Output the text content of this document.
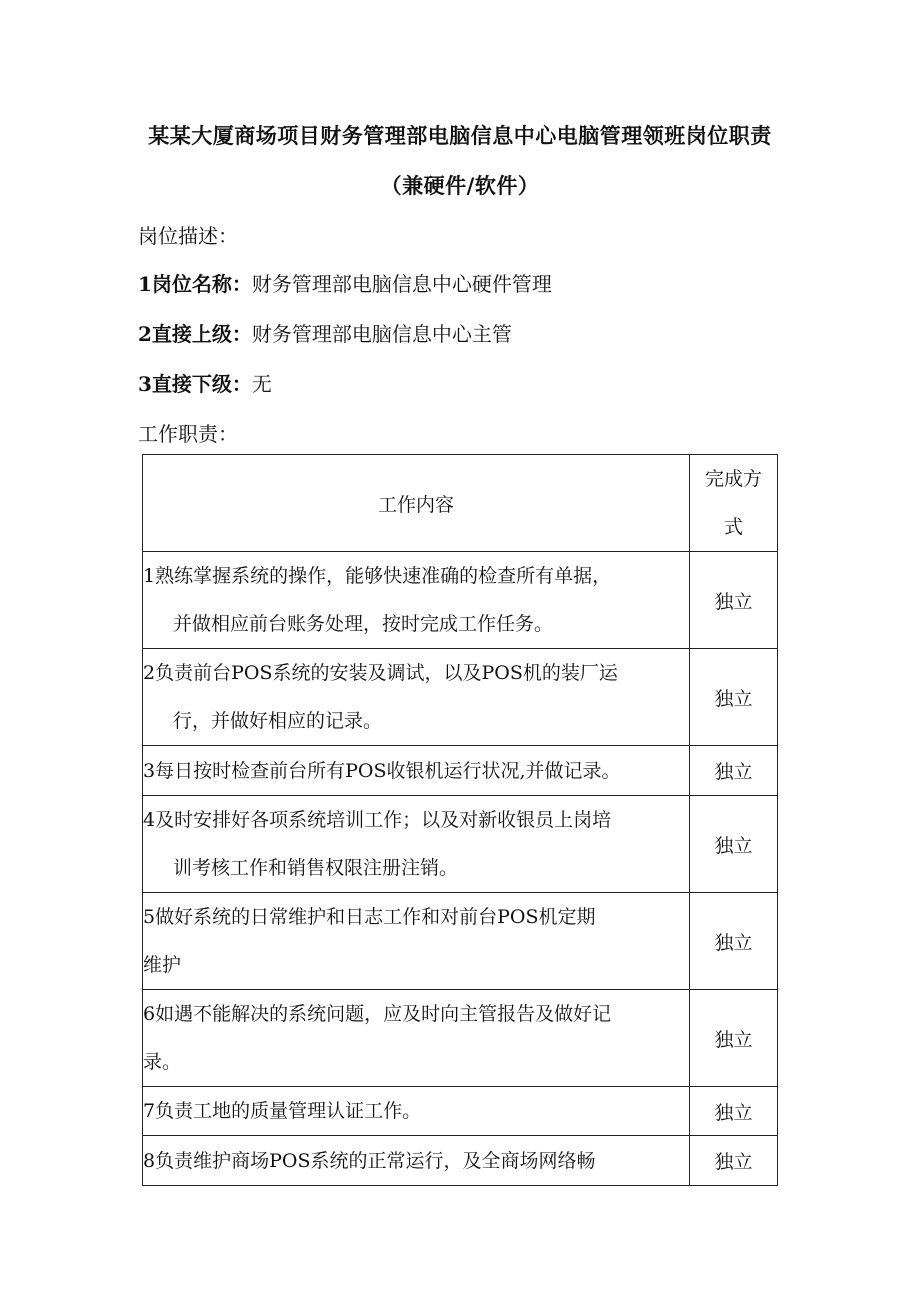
某某大厦商场项目财务管理部电脑信息中心电脑管理领班岗位职责
（兼硬件/软件）
岗位描述：
1岗位名称：财务管理部电脑信息中心硬件管理
2直接上级：财务管理部电脑信息中心主管
3直接下级：无
工作职责：
工作内容	完成方
式
1熟练掌握系统的操作，能够快速准确的检查所有单据，
并做相应前台账务处理，按时完成工作任务。	独立
2负责前台POS系统的安装及调试，以及POS机的装厂运
行，并做好相应的记录。	独立
3每日按时检查前台所有POS收银机运行状况,并做记录。	独立
4及时安排好各项系统培训工作；以及对新收银员上岗培
训考核工作和销售权限注册注销。	独立
5做好系统的日常维护和日志工作和对前台POS机定期
维护	独立
6如遇不能解决的系统问题，应及时向主管报告及做好记
录。	独立
7负责工地的质量管理认证工作。	独立
8负责维护商场POS系统的正常运行，及全商场网络畅	独立
